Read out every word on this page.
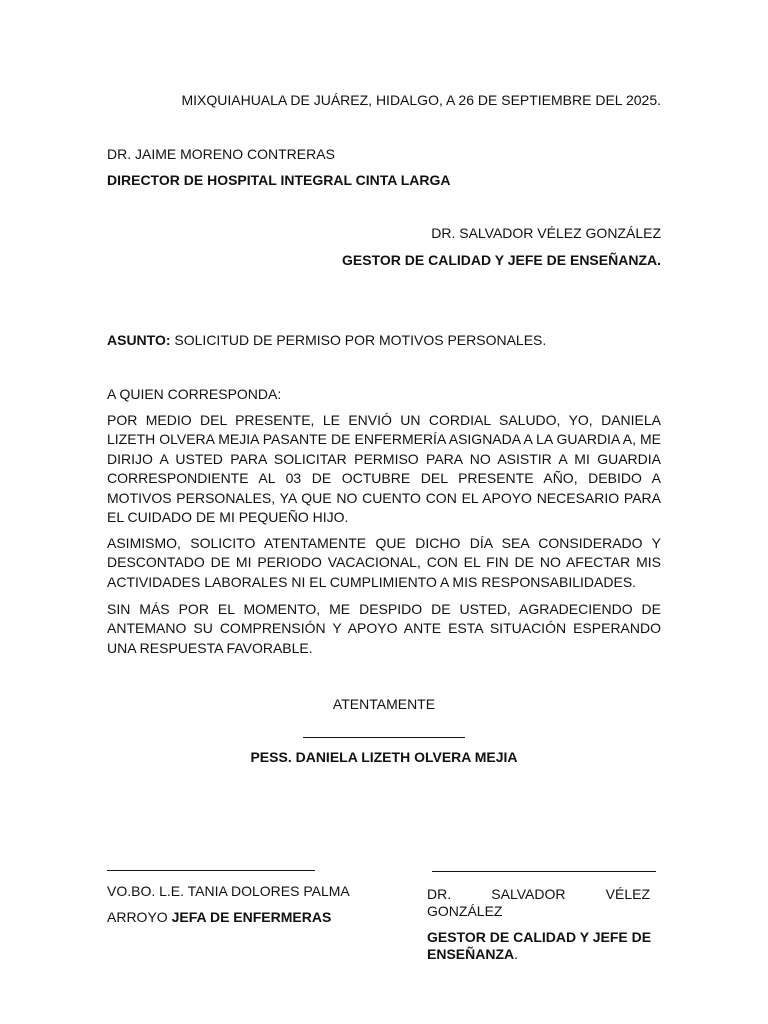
MIXQUIAHUALA DE JUÁREZ, HIDALGO, A 26 DE SEPTIEMBRE DEL 2025.
DR. JAIME MORENO CONTRERAS
DIRECTOR DE HOSPITAL INTEGRAL CINTA LARGA
DR. SALVADOR VÉLEZ GONZÁLEZ
GESTOR DE CALIDAD Y JEFE DE ENSEÑANZA.
ASUNTO: SOLICITUD DE PERMISO POR MOTIVOS PERSONALES.
A QUIEN CORRESPONDA:
POR MEDIO DEL PRESENTE, LE ENVIÓ UN CORDIAL SALUDO, YO, DANIELA LIZETH OLVERA MEJIA PASANTE DE ENFERMERÍA ASIGNADA A LA GUARDIA A, ME DIRIJO A USTED PARA SOLICITAR PERMISO PARA NO ASISTIR A MI GUARDIA CORRESPONDIENTE AL 03 DE OCTUBRE DEL PRESENTE AÑO, DEBIDO A MOTIVOS PERSONALES, YA QUE NO CUENTO CON EL APOYO NECESARIO PARA EL CUIDADO DE MI PEQUEÑO HIJO.
ASIMISMO, SOLICITO ATENTAMENTE QUE DICHO DÍA SEA CONSIDERADO Y DESCONTADO DE MI PERIODO VACACIONAL, CON EL FIN DE NO AFECTAR MIS ACTIVIDADES LABORALES NI EL CUMPLIMIENTO A MIS RESPONSABILIDADES.
SIN MÁS POR EL MOMENTO, ME DESPIDO DE USTED, AGRADECIENDO DE ANTEMANO SU COMPRENSIÓN Y APOYO ANTE ESTA SITUACIÓN ESPERANDO UNA RESPUESTA FAVORABLE.
ATENTAMENTE
PESS. DANIELA LIZETH OLVERA MEJIA
VO.BO. L.E. TANIA DOLORES PALMA
ARROYO JEFA DE ENFERMERAS
DR. SALVADOR VÉLEZ GONZÁLEZ
GESTOR DE CALIDAD Y JEFE DE ENSEÑANZA.
